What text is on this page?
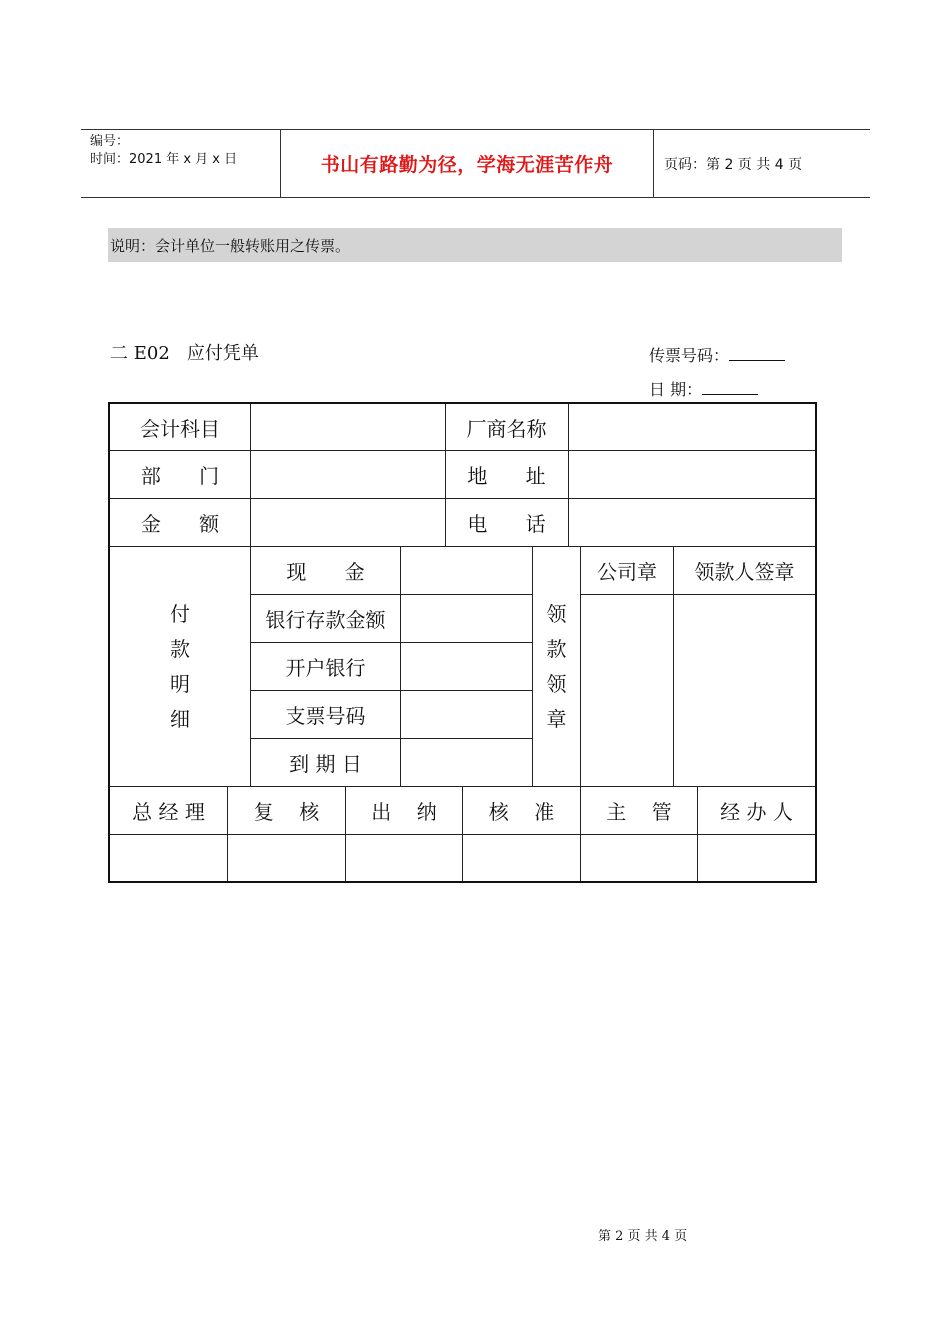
编号：
时间：2021 年 x 月 x 日	书山有路勤为径，学海无涯苦作舟	页码：第 2 页 共 4 页
说明：会计单位一般转账用之传票。
二 E02   应付凭单	传票号码：
日 期：
会计科目	厂商名称
部      门	地      址
金      额	电      话
付
款
明
细
现      金
银行存款金额
开户银行
支票号码
到 期 日
领
款
领
章
公司章	领款人签章
总 经 理	复    核	出    纳	核    准	主    管	经 办 人
第 2 页 共 4 页
